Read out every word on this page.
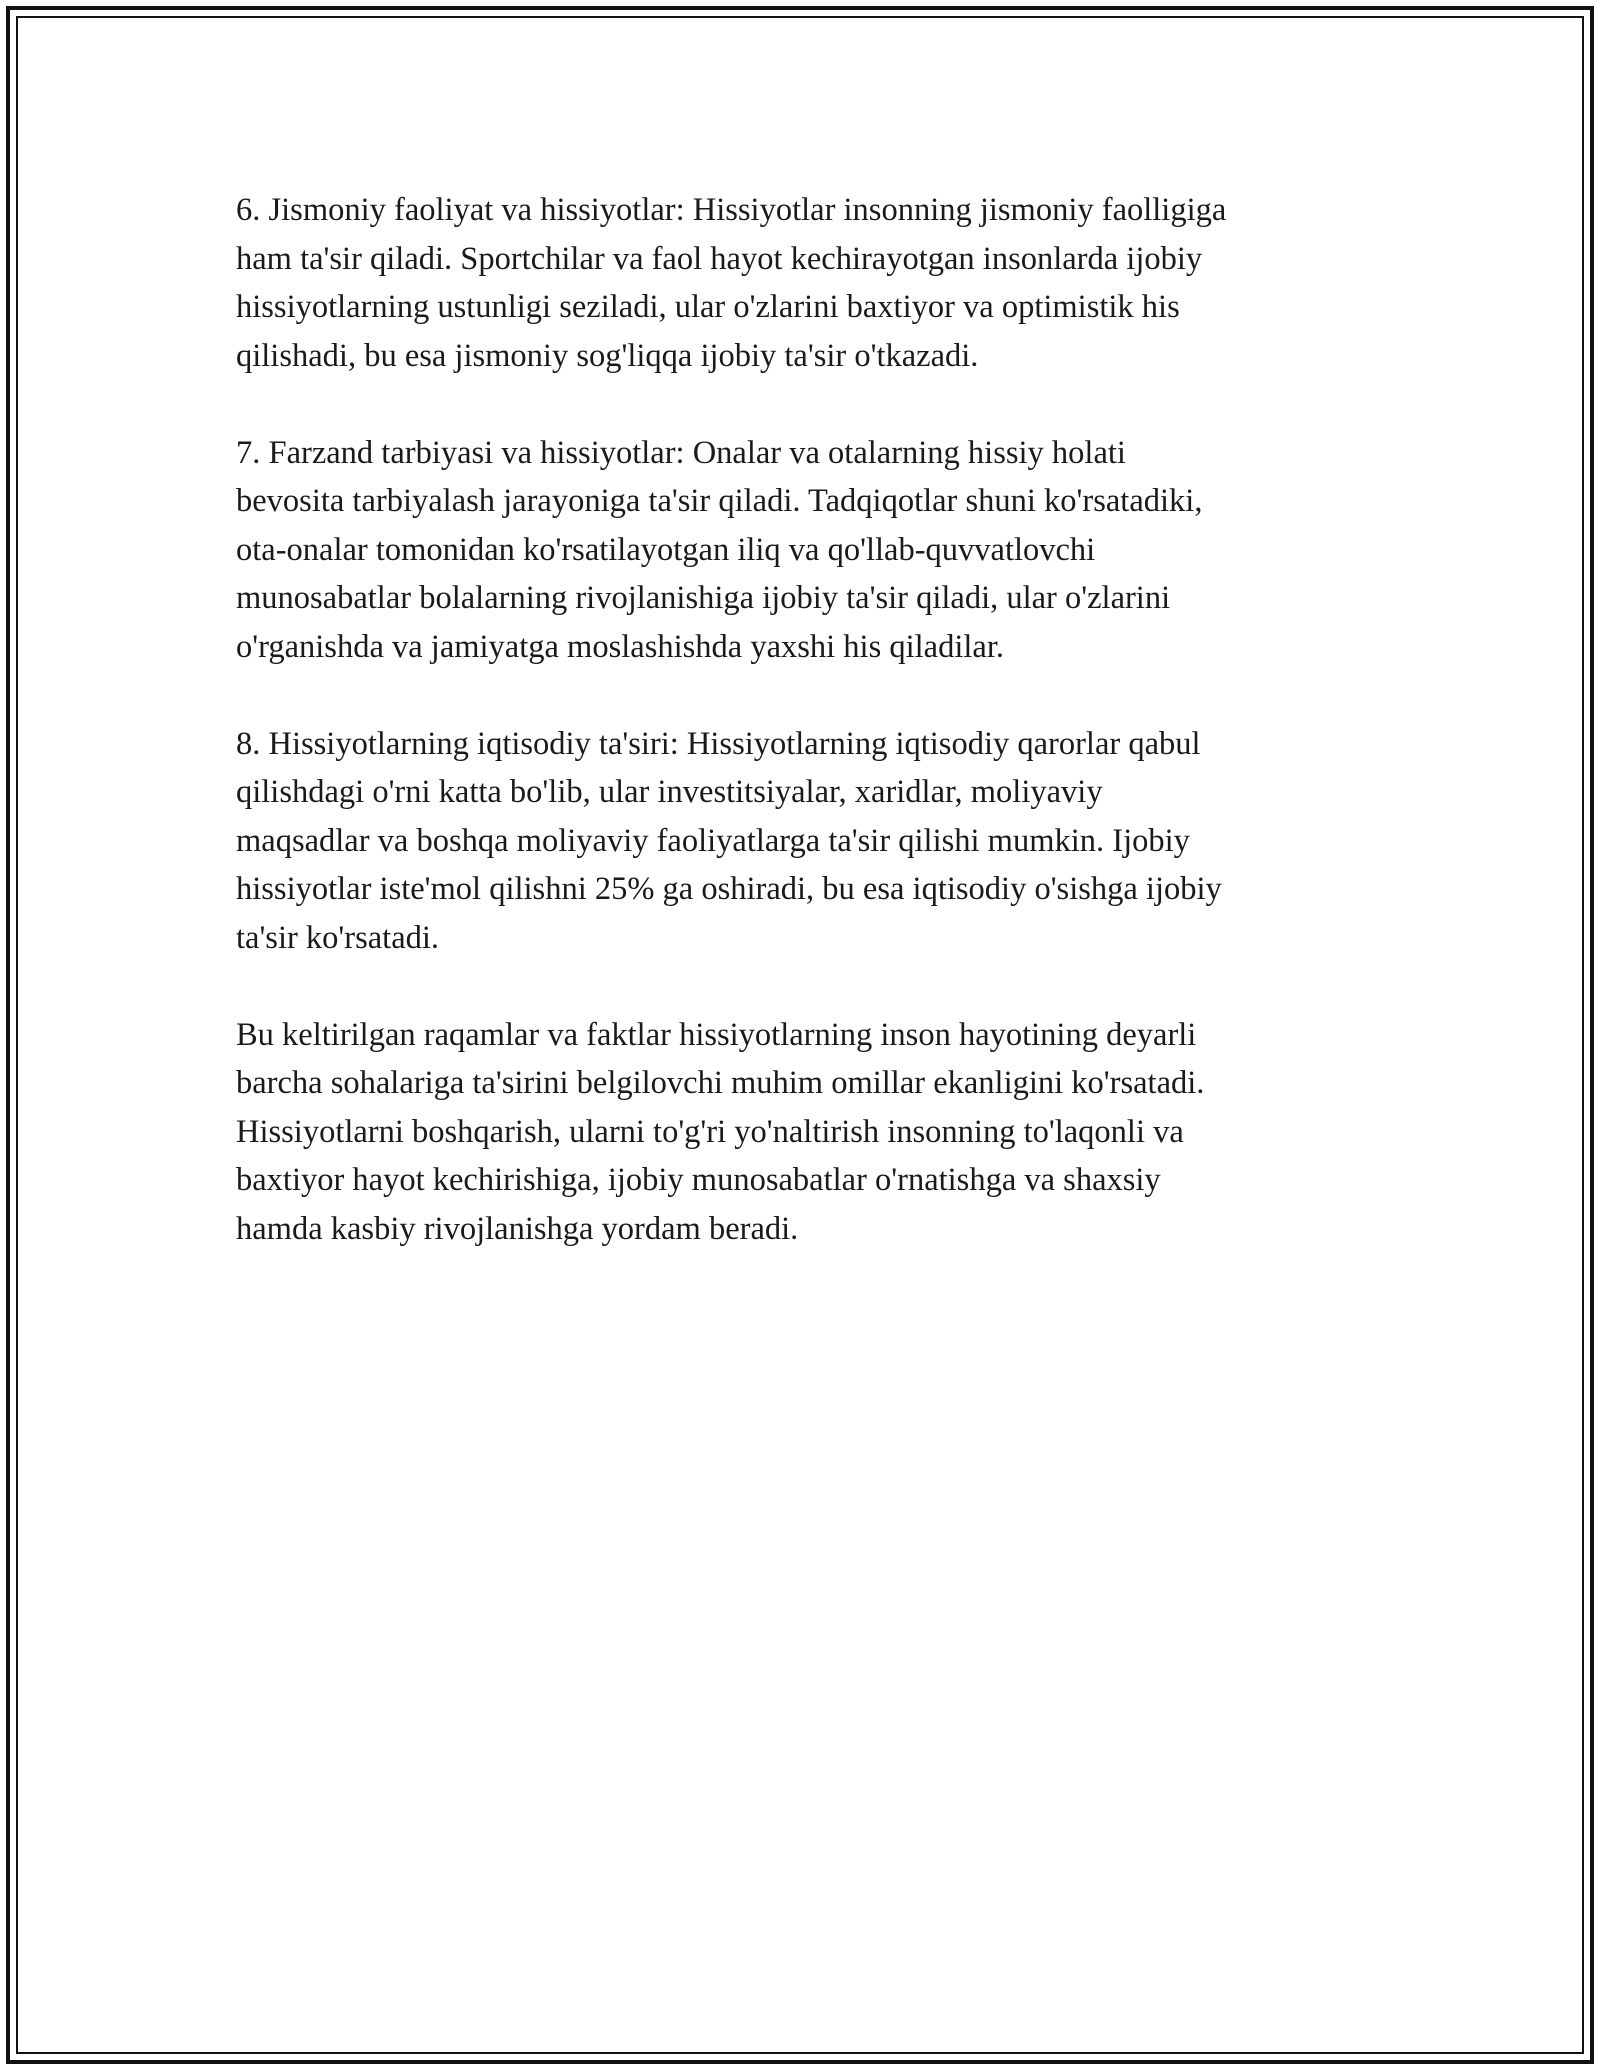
6. Jismoniy faoliyat va hissiyotlar: Hissiyotlar insonning jismoniy faolligiga
ham ta'sir qiladi. Sportchilar va faol hayot kechirayotgan insonlarda ijobiy
hissiyotlarning ustunligi seziladi, ular o'zlarini baxtiyor va optimistik his
qilishadi, bu esa jismoniy sog'liqqa ijobiy ta'sir o'tkazadi.

7. Farzand tarbiyasi va hissiyotlar: Onalar va otalarning hissiy holati
bevosita tarbiyalash jarayoniga ta'sir qiladi. Tadqiqotlar shuni ko'rsatadiki,
ota-onalar tomonidan ko'rsatilayotgan iliq va qo'llab-quvvatlovchi
munosabatlar bolalarning rivojlanishiga ijobiy ta'sir qiladi, ular o'zlarini
o'rganishda va jamiyatga moslashishda yaxshi his qiladilar.

8. Hissiyotlarning iqtisodiy ta'siri: Hissiyotlarning iqtisodiy qarorlar qabul
qilishdagi o'rni katta bo'lib, ular investitsiyalar, xaridlar, moliyaviy
maqsadlar va boshqa moliyaviy faoliyatlarga ta'sir qilishi mumkin. Ijobiy
hissiyotlar iste'mol qilishni 25% ga oshiradi, bu esa iqtisodiy o'sishga ijobiy
ta'sir ko'rsatadi.

Bu keltirilgan raqamlar va faktlar hissiyotlarning inson hayotining deyarli
barcha sohalariga ta'sirini belgilovchi muhim omillar ekanligini ko'rsatadi.
Hissiyotlarni boshqarish, ularni to'g'ri yo'naltirish insonning to'laqonli va
baxtiyor hayot kechirishiga, ijobiy munosabatlar o'rnatishga va shaxsiy
hamda kasbiy rivojlanishga yordam beradi.
